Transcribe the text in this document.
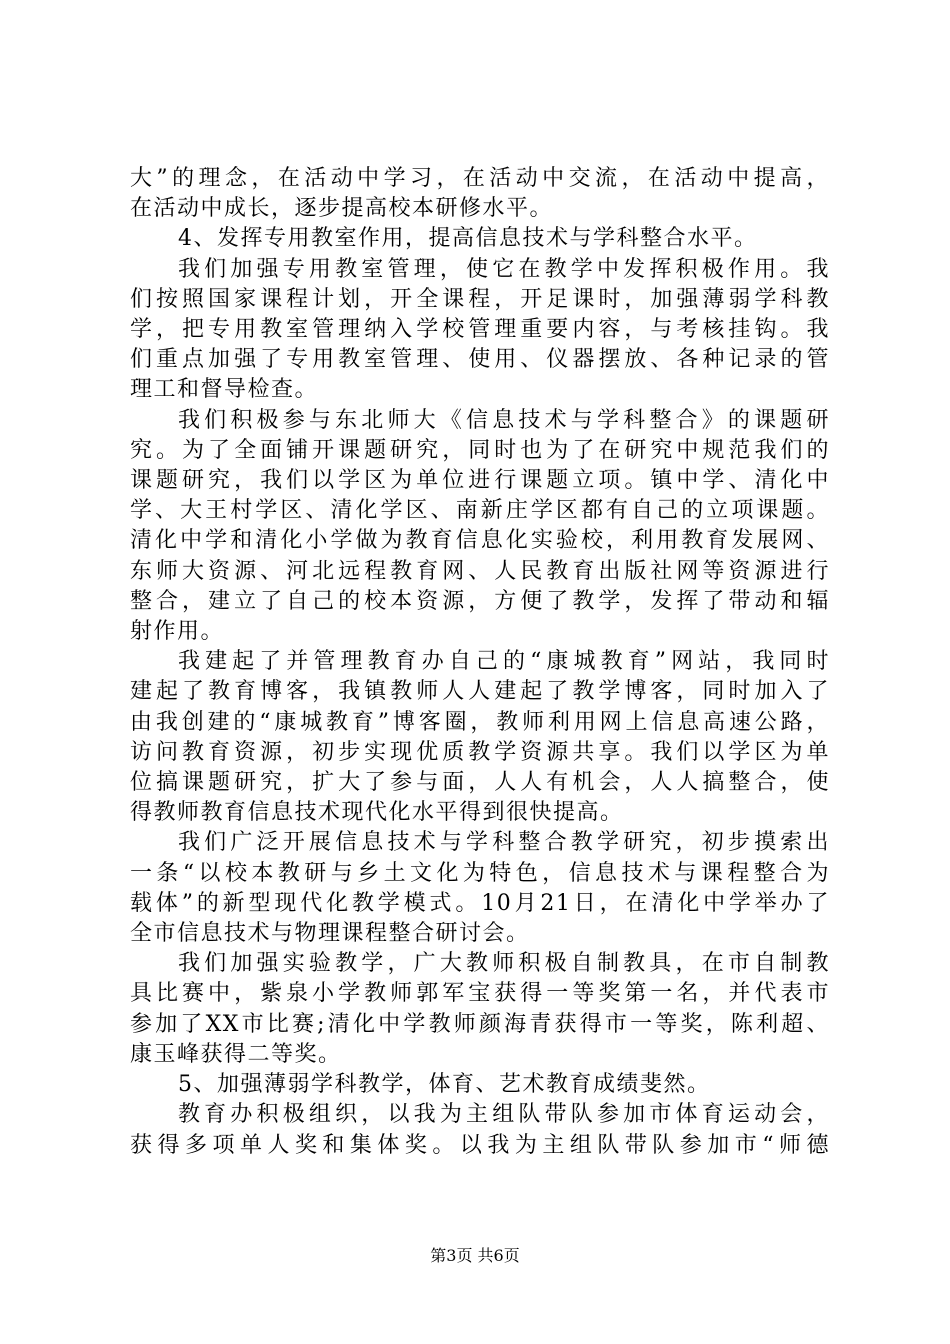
大”的理念，在活动中学习，在活动中交流，在活动中提高，
在活动中成长，逐步提高校本研修水平。
4、发挥专用教室作用，提高信息技术与学科整合水平。
我们加强专用教室管理，使它在教学中发挥积极作用。我
们按照国家课程计划，开全课程，开足课时，加强薄弱学科教
学，把专用教室管理纳入学校管理重要内容，与考核挂钩。我
们重点加强了专用教室管理、使用、仪器摆放、各种记录的管
理工和督导检查。
我们积极参与东北师大《信息技术与学科整合》的课题研
究。为了全面铺开课题研究，同时也为了在研究中规范我们的
课题研究，我们以学区为单位进行课题立项。镇中学、清化中
学、大王村学区、清化学区、南新庄学区都有自己的立项课题。
清化中学和清化小学做为教育信息化实验校，利用教育发展网、
东师大资源、河北远程教育网、人民教育出版社网等资源进行
整合，建立了自己的校本资源，方便了教学，发挥了带动和辐
射作用。
我建起了并管理教育办自己的“康城教育”网站，我同时
建起了教育博客，我镇教师人人建起了教学博客，同时加入了
由我创建的“康城教育”博客圈，教师利用网上信息高速公路，
访问教育资源，初步实现优质教学资源共享。我们以学区为单
位搞课题研究，扩大了参与面，人人有机会，人人搞整合，使
得教师教育信息技术现代化水平得到很快提高。
我们广泛开展信息技术与学科整合教学研究，初步摸索出
一条“以校本教研与乡土文化为特色，信息技术与课程整合为
载体”的新型现代化教学模式。10月21日，在清化中学举办了
全市信息技术与物理课程整合研讨会。
我们加强实验教学，广大教师积极自制教具，在市自制教
具比赛中，紫泉小学教师郭军宝获得一等奖第一名，并代表市
参加了XX市比赛;清化中学教师颜海青获得市一等奖，陈利超、
康玉峰获得二等奖。
5、加强薄弱学科教学，体育、艺术教育成绩斐然。
教育办积极组织，以我为主组队带队参加市体育运动会，
获得多项单人奖和集体奖。以我为主组队带队参加市“师德
第3页 共6页
